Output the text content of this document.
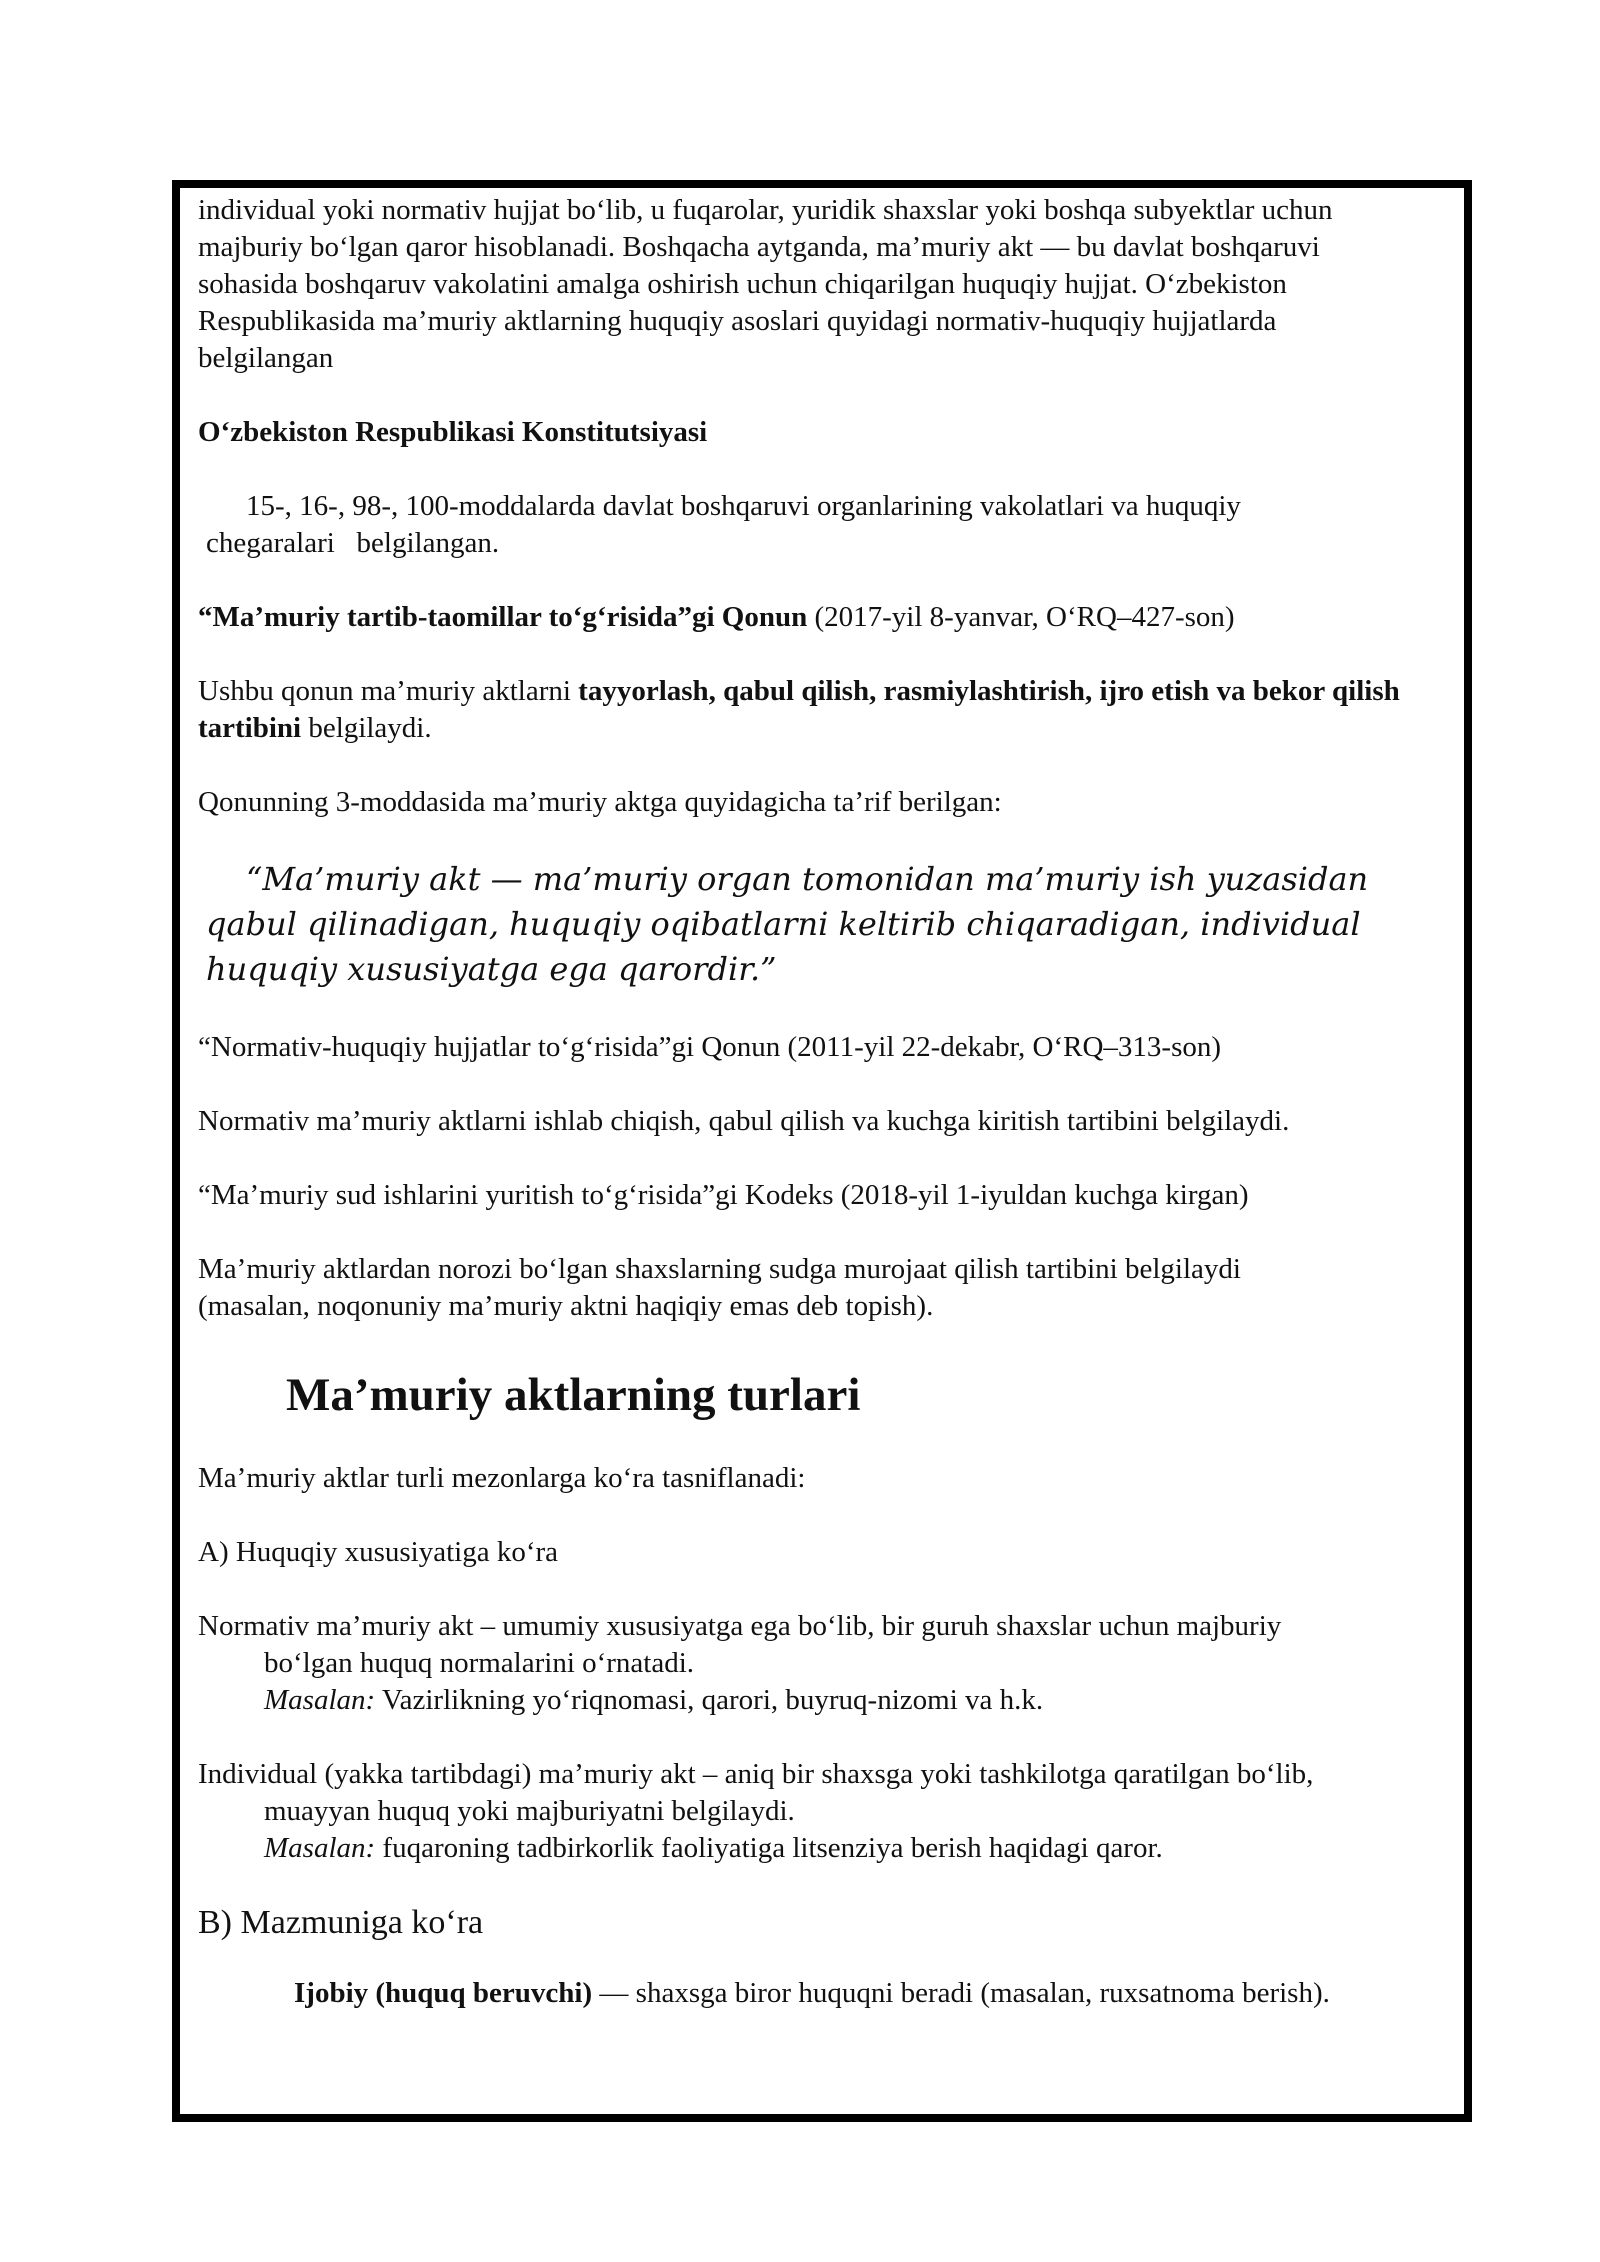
individual yoki normativ hujjat bo‘lib, u fuqarolar, yuridik shaxslar yoki boshqa subyektlar uchun

majburiy bo‘lgan qaror hisoblanadi. Boshqacha aytganda, ma’muriy akt — bu davlat boshqaruvi

sohasida boshqaruv vakolatini amalga oshirish uchun chiqarilgan huquqiy hujjat. O‘zbekiston

Respublikasida ma’muriy aktlarning huquqiy asoslari quyidagi normativ-huquqiy hujjatlarda

belgilangan

O‘zbekiston Respublikasi Konstitutsiyasi

15-, 16-, 98-, 100-moddalarda davlat boshqaruvi organlarining vakolatlari va huquqiy

chegaralari   belgilangan.

“Ma’muriy tartib-taomillar to‘g‘risida”gi Qonun (2017-yil 8-yanvar, O‘RQ–427-son)

Ushbu qonun ma’muriy aktlarni tayyorlash, qabul qilish, rasmiylashtirish, ijro etish va bekor qilish tartibini belgilaydi.

Qonunning 3-moddasida ma’muriy aktga quyidagicha ta’rif berilgan:

“Ma’muriy akt — ma’muriy organ tomonidan ma’muriy ish yuzasidan

qabul qilinadigan, huquqiy oqibatlarni keltirib chiqaradigan, individual

huquqiy xususiyatga ega qarordir.”

“Normativ-huquqiy hujjatlar to‘g‘risida”gi Qonun (2011-yil 22-dekabr, O‘RQ–313-son)

Normativ ma’muriy aktlarni ishlab chiqish, qabul qilish va kuchga kiritish tartibini belgilaydi.

“Ma’muriy sud ishlarini yuritish to‘g‘risida”gi Kodeks (2018-yil 1-iyuldan kuchga kirgan)

Ma’muriy aktlardan norozi bo‘lgan shaxslarning sudga murojaat qilish tartibini belgilaydi

(masalan, noqonuniy ma’muriy aktni haqiqiy emas deb topish).

Ma’muriy aktlarning turlari

Ma’muriy aktlar turli mezonlarga ko‘ra tasniflanadi:

A) Huquqiy xususiyatiga ko‘ra

Normativ ma’muriy akt – umumiy xususiyatga ega bo‘lib, bir guruh shaxslar uchun majburiy

bo‘lgan huquq normalarini o‘rnatadi.

Masalan: Vazirlikning yo‘riqnomasi, qarori, buyruq-nizomi va h.k.

Individual (yakka tartibdagi) ma’muriy akt – aniq bir shaxsga yoki tashkilotga qaratilgan bo‘lib,

muayyan huquq yoki majburiyatni belgilaydi.

Masalan: fuqaroning tadbirkorlik faoliyatiga litsenziya berish haqidagi qaror.

B) Mazmuniga ko‘ra

Ijobiy (huquq beruvchi) — shaxsga biror huquqni beradi (masalan, ruxsatnoma berish).
